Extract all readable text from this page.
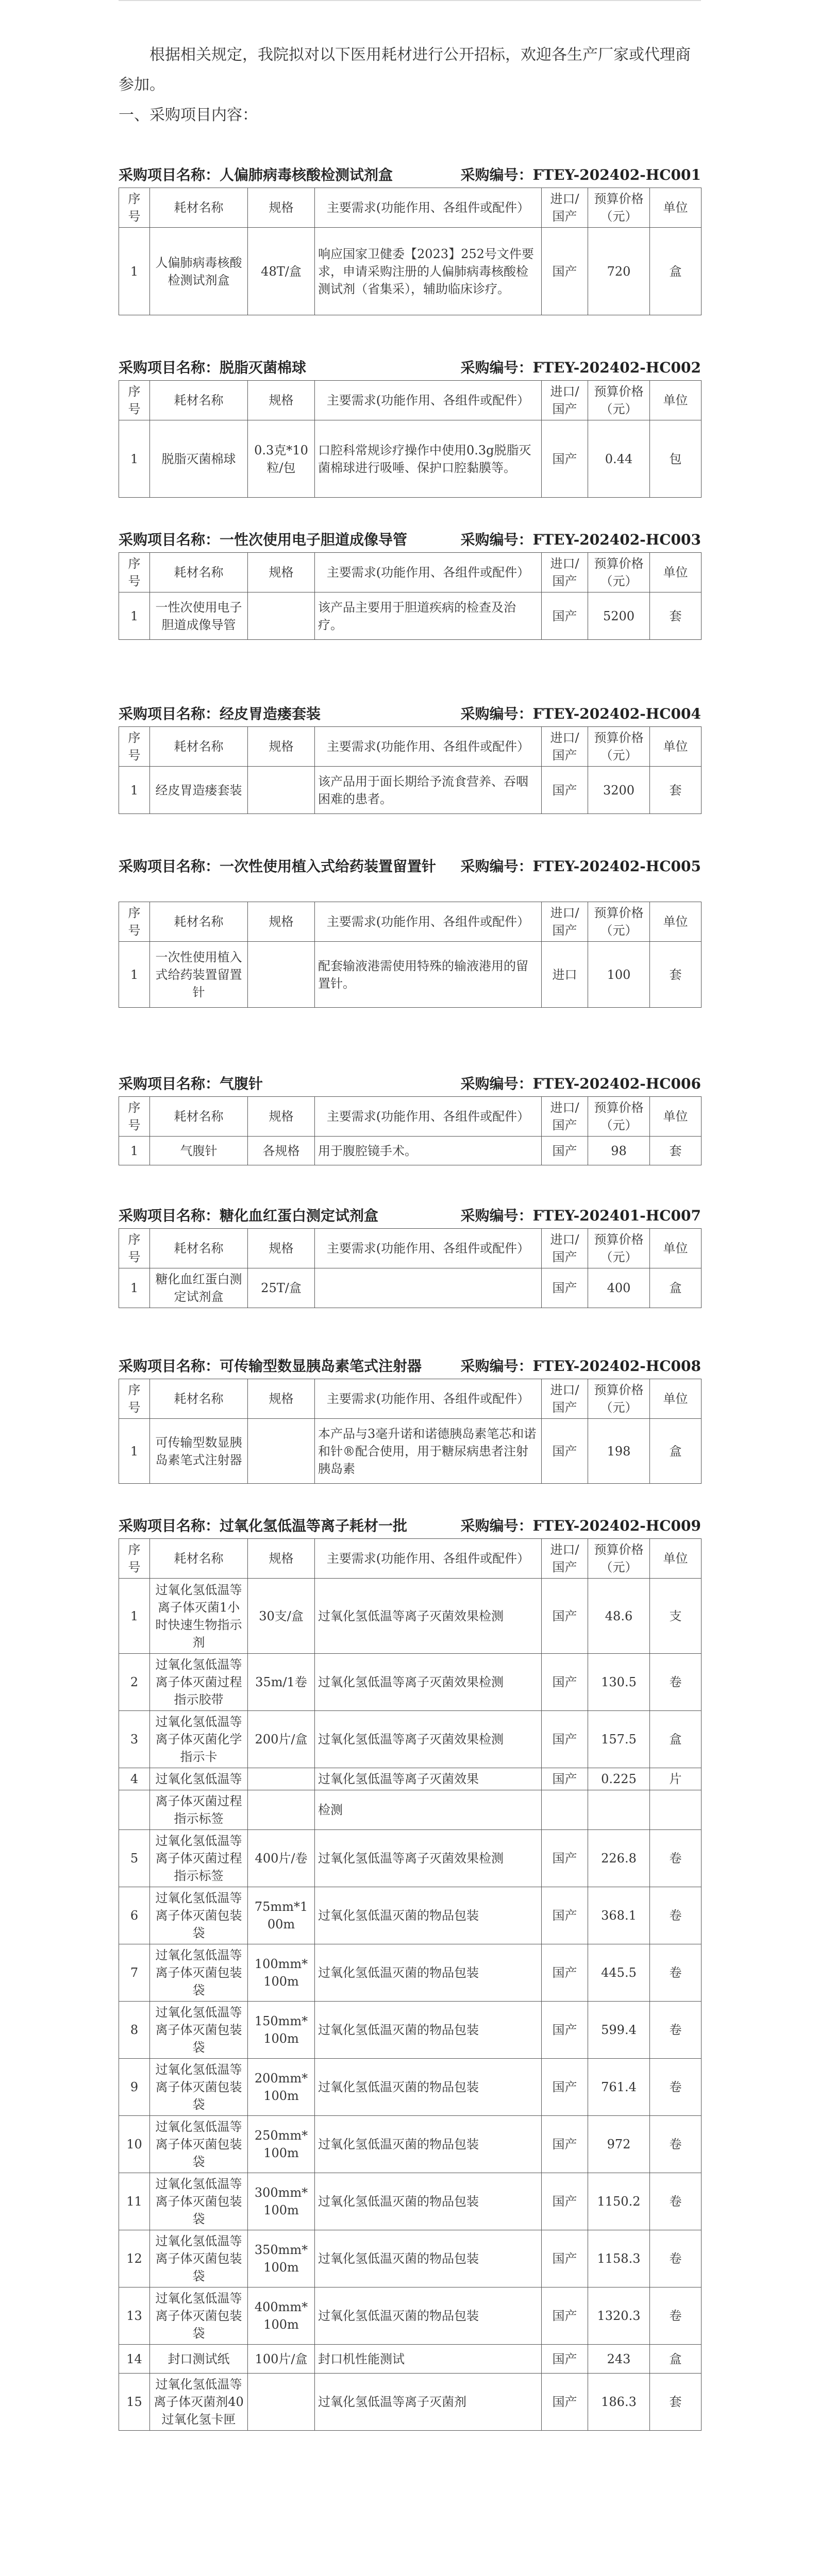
根据相关规定，我院拟对以下医用耗材进行公开招标，欢迎各生产厂家或代理商参加。
一、采购项目内容：
采购项目名称：人偏肺病毒核酸检测试剂盒	采购编号：FTEY-202402-HC001
序号	耗材名称	规格	主要需求(功能作用、各组件或配件）	进口/国产	预算价格（元）	单位
1	人偏肺病毒核酸检测试剂盒	48T/盒	响应国家卫健委【2023】252号文件要求，申请采购注册的人偏肺病毒核酸检测试剂（省集采），辅助临床诊疗。	国产	720	盒
采购项目名称：脱脂灭菌棉球	采购编号：FTEY-202402-HC002
序号	耗材名称	规格	主要需求(功能作用、各组件或配件）	进口/国产	预算价格（元）	单位
1	脱脂灭菌棉球	0.3克*10粒/包	口腔科常规诊疗操作中使用0.3g脱脂灭菌棉球进行吸唾、保护口腔黏膜等。	国产	0.44	包
采购项目名称：一性次使用电子胆道成像导管	采购编号：FTEY-202402-HC003
序号	耗材名称	规格	主要需求(功能作用、各组件或配件）	进口/国产	预算价格（元）	单位
1	一性次使用电子胆道成像导管		该产品主要用于胆道疾病的检查及治疗。	国产	5200	套
采购项目名称：经皮胃造瘘套装	采购编号：FTEY-202402-HC004
序号	耗材名称	规格	主要需求(功能作用、各组件或配件）	进口/国产	预算价格（元）	单位
1	经皮胃造瘘套装		该产品用于面长期给予流食营养、吞咽困难的患者。	国产	3200	套
采购项目名称：一次性使用植入式给药装置留置针 采购编号：FTEY-202402-HC005
序号	耗材名称	规格	主要需求(功能作用、各组件或配件）	进口/国产	预算价格（元）	单位
1	一次性使用植入式给药装置留置针		配套输液港需使用特殊的输液港用的留置针。	进口	100	套
采购项目名称：气腹针	采购编号：FTEY-202402-HC006
序号	耗材名称	规格	主要需求(功能作用、各组件或配件）	进口/国产	预算价格（元）	单位
1	气腹针	各规格	用于腹腔镜手术。	国产	98	套
采购项目名称：糖化血红蛋白测定试剂盒	采购编号：FTEY-202401-HC007
序号	耗材名称	规格	主要需求(功能作用、各组件或配件）	进口/国产	预算价格（元）	单位
1	糖化血红蛋白测定试剂盒	25T/盒		国产	400	盒
采购项目名称：可传输型数显胰岛素笔式注射器	采购编号：FTEY-202402-HC008
序号	耗材名称	规格	主要需求(功能作用、各组件或配件）	进口/国产	预算价格（元）	单位
1	可传输型数显胰岛素笔式注射器		本产品与3毫升诺和诺德胰岛素笔芯和诺和针®配合使用，用于糖尿病患者注射胰岛素	国产	198	盒
采购项目名称：过氧化氢低温等离子耗材一批	采购编号：FTEY-202402-HC009
序号	耗材名称	规格	主要需求(功能作用、各组件或配件）	进口/国产	预算价格（元）	单位
1	过氧化氢低温等离子体灭菌1小时快速生物指示剂	30支/盒	过氧化氢低温等离子灭菌效果检测	国产	48.6	支
2	过氧化氢低温等离子体灭菌过程指示胶带	35m/1卷	过氧化氢低温等离子灭菌效果检测	国产	130.5	卷
3	过氧化氢低温等离子体灭菌化学指示卡	200片/盒	过氧化氢低温等离子灭菌效果检测	国产	157.5	盒
4	过氧化氢低温等		过氧化氢低温等离子灭菌效果	国产	0.225	片
	离子体灭菌过程指示标签		检测			
5	过氧化氢低温等离子体灭菌过程指示标签	400片/卷	过氧化氢低温等离子灭菌效果检测	国产	226.8	卷
6	过氧化氢低温等离子体灭菌包装袋	75mm*100m	过氧化氢低温灭菌的物品包装	国产	368.1	卷
7	过氧化氢低温等离子体灭菌包装袋	100mm*100m	过氧化氢低温灭菌的物品包装	国产	445.5	卷
8	过氧化氢低温等离子体灭菌包装袋	150mm*100m	过氧化氢低温灭菌的物品包装	国产	599.4	卷
9	过氧化氢低温等离子体灭菌包装袋	200mm*100m	过氧化氢低温灭菌的物品包装	国产	761.4	卷
10	过氧化氢低温等离子体灭菌包装袋	250mm*100m	过氧化氢低温灭菌的物品包装	国产	972	卷
11	过氧化氢低温等离子体灭菌包装袋	300mm*100m	过氧化氢低温灭菌的物品包装	国产	1150.2	卷
12	过氧化氢低温等离子体灭菌包装袋	350mm*100m	过氧化氢低温灭菌的物品包装	国产	1158.3	卷
13	过氧化氢低温等离子体灭菌包装袋	400mm*100m	过氧化氢低温灭菌的物品包装	国产	1320.3	卷
14	封口测试纸	100片/盒	封口机性能测试	国产	243	盒
15	过氧化氢低温等离子体灭菌剂40过氧化氢卡匣		过氧化氢低温等离子灭菌剂	国产	186.3	套
